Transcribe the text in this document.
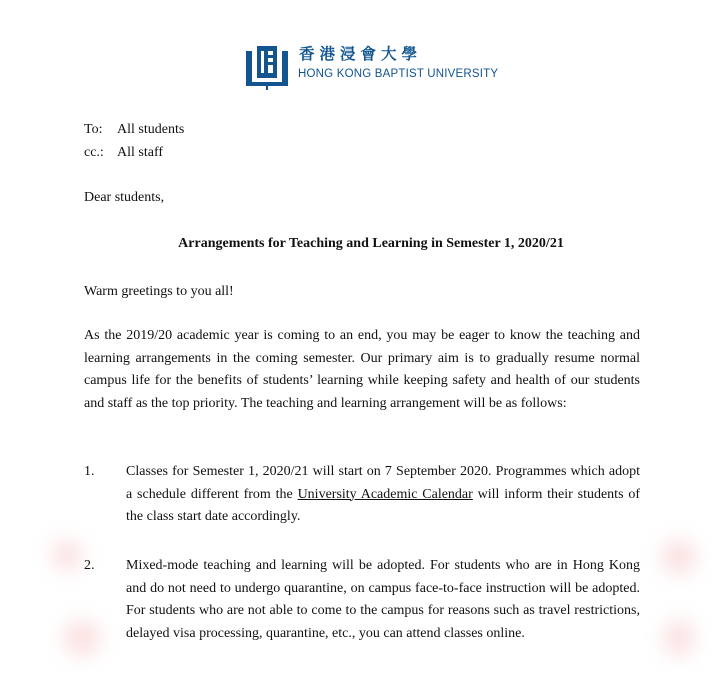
香港浸會大學
HONG KONG BAPTIST UNIVERSITY
To:	All students
cc.: All staff
Dear students,
Arrangements for Teaching and Learning in Semester 1, 2020/21
Warm greetings to you all!
As the 2019/20 academic year is coming to an end, you may be eager to know the teaching and learning arrangements in the coming semester. Our primary aim is to gradually resume normal campus life for the benefits of students’ learning while keeping safety and health of our students and staff as the top priority. The teaching and learning arrangement will be as follows:
1.	Classes for Semester 1, 2020/21 will start on 7 September 2020. Programmes which adopt a schedule different from the University Academic Calendar will inform their students of the class start date accordingly.
2.	Mixed-mode teaching and learning will be adopted. For students who are in Hong Kong and do not need to undergo quarantine, on campus face-to-face instruction will be adopted. For students who are not able to come to the campus for reasons such as travel restrictions, delayed visa processing, quarantine, etc., you can attend classes online.
